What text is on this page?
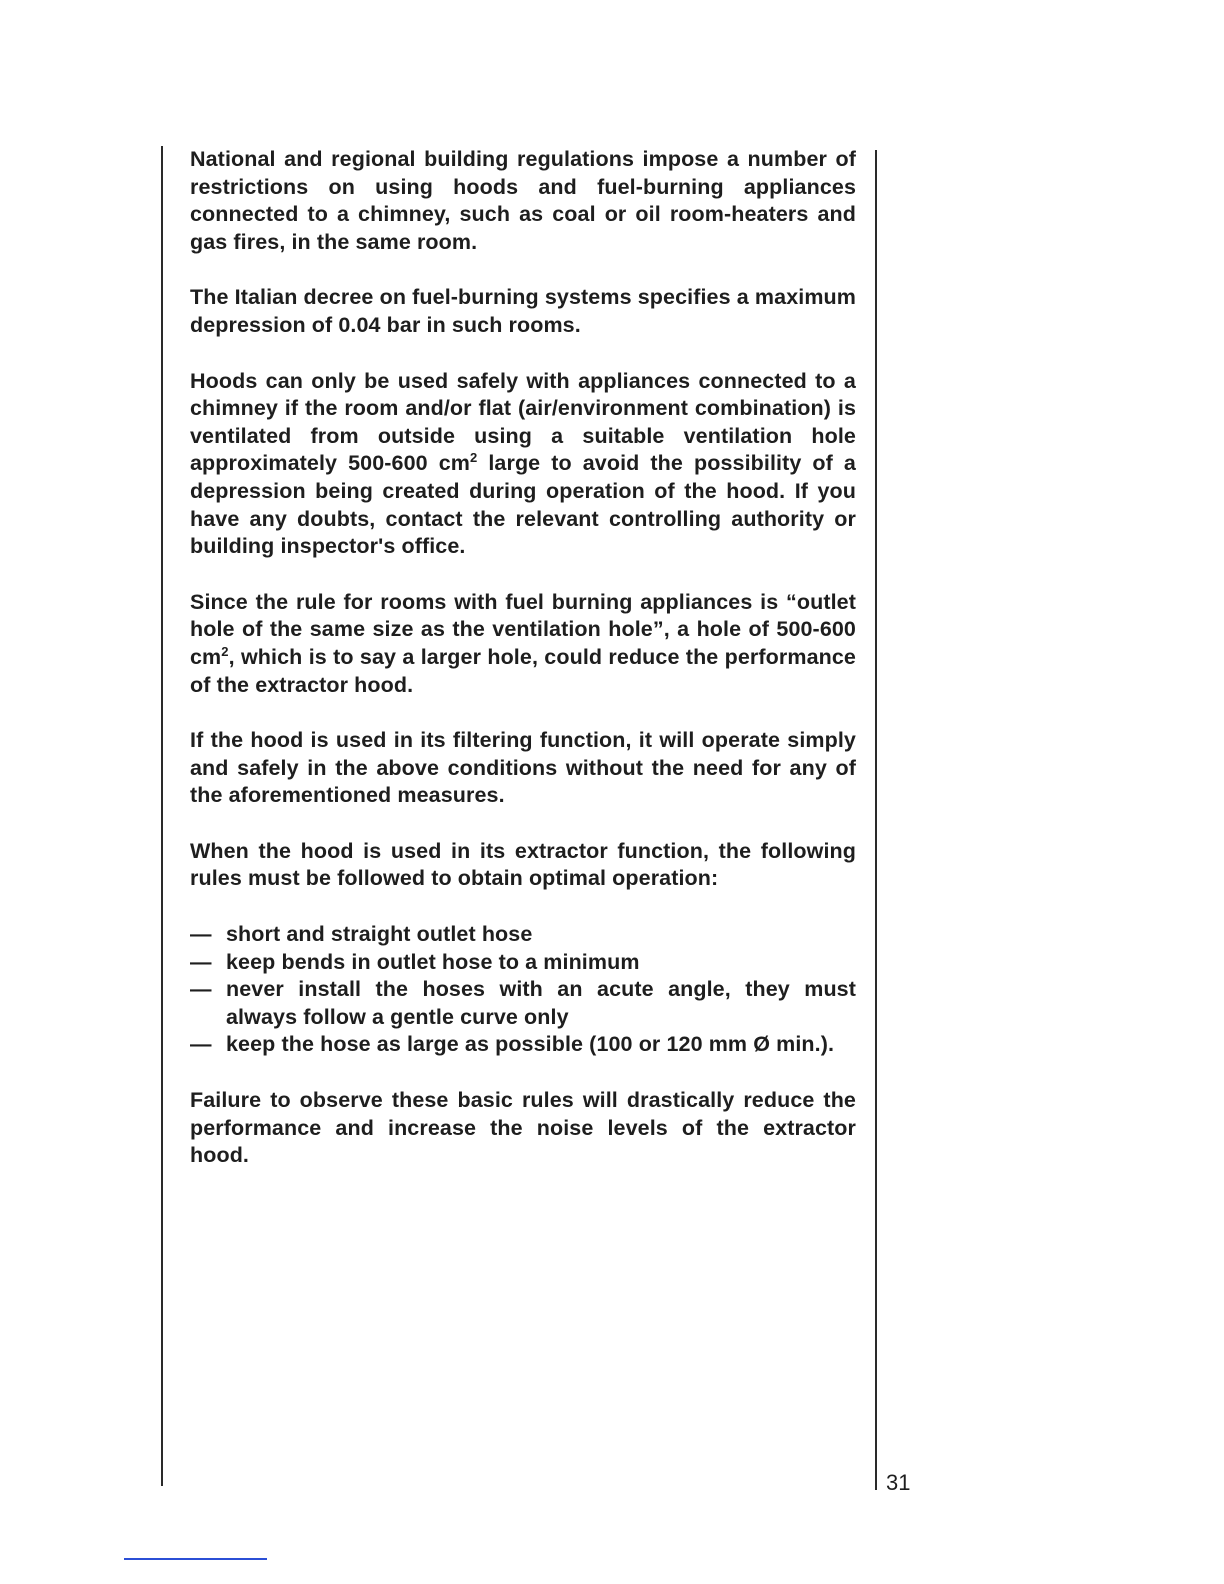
National and regional building regulations impose a number of restrictions on using hoods and fuel-burning appliances connected to a chimney, such as coal or oil room-heaters and gas fires, in the same room.

The Italian decree on fuel-burning systems specifies a maximum depression of 0.04 bar in such rooms.

Hoods can only be used safely with appliances connected to a chimney if the room and/or flat (air/environment combination) is ventilated from outside using a suitable ventilation hole approximately 500-600 $cm^2$ large to avoid the possibility of a depression being created during operation of the hood. If you have any doubts, contact the relevant controlling authority or building inspector's office.

Since the rule for rooms with fuel burning appliances is “outlet hole of the same size as the ventilation hole”, a hole of 500-600 $cm^2$, which is to say a larger hole, could reduce the performance of the extractor hood.

If the hood is used in its filtering function, it will operate simply and safely in the above conditions without the need for any of the aforementioned measures.

When the hood is used in its extractor function, the following rules must be followed to obtain optimal operation:

— short and straight outlet hose
— keep bends in outlet hose to a minimum
— never install the hoses with an acute angle, they must always follow a gentle curve only
— keep the hose as large as possible (100 or 120 mm Ø min.).

Failure to observe these basic rules will drastically reduce the performance and increase the noise levels of the extractor hood.

31
